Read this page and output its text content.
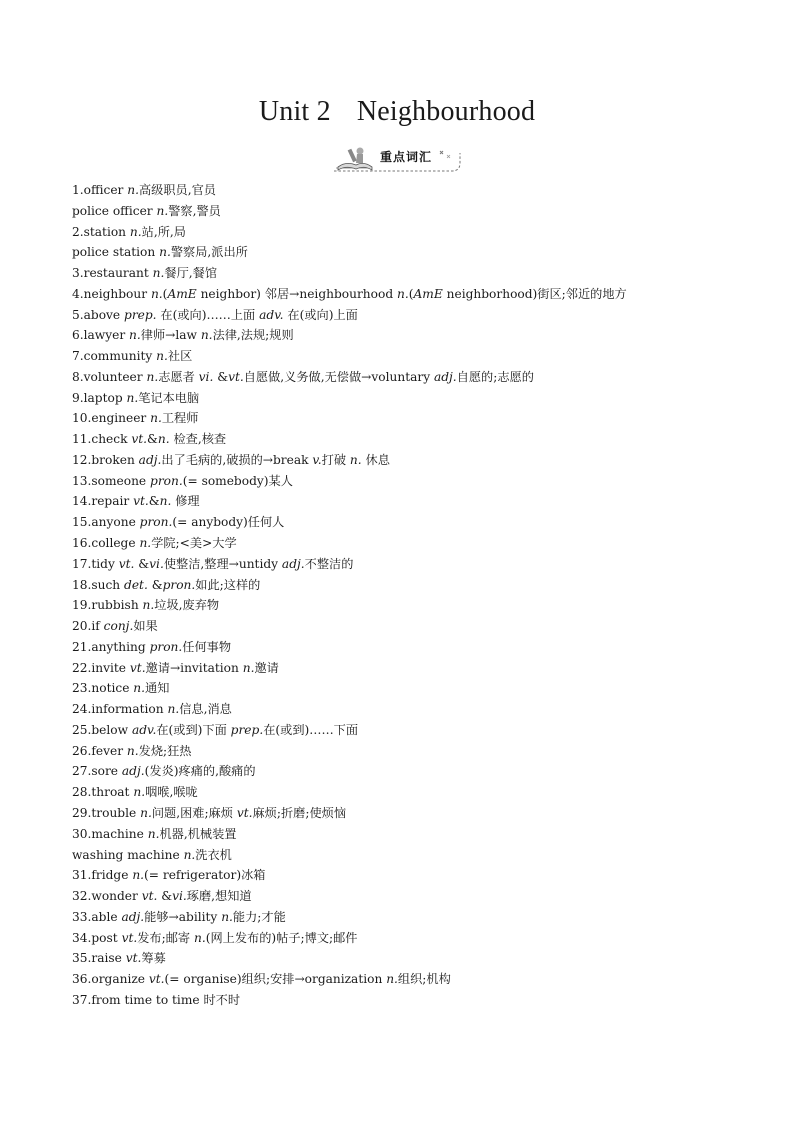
Unit 2 Neighbourhood
重点词汇
1.officer n.高级职员,官员
police officer n.警察,警员
2.station n.站,所,局
police station n.警察局,派出所
3.restaurant n.餐厅,餐馆
4.neighbour n.(AmE neighbor) 邻居→neighbourhood n.(AmE neighborhood)街区;邻近的地方
5.above prep. 在(或向)……上面 adv. 在(或向)上面
6.lawyer n.律师→law n.法律,法规;规则
7.community n.社区
8.volunteer n.志愿者 vi. &vt.自愿做,义务做,无偿做→voluntary adj.自愿的;志愿的
9.laptop n.笔记本电脑
10.engineer n.工程师
11.check vt.&n. 检查,核查
12.broken adj.出了毛病的,破损的→break v.打破 n. 休息
13.someone pron.(= somebody)某人
14.repair vt.&n. 修理
15.anyone pron.(= anybody)任何人
16.college n.学院;<美>大学
17.tidy vt. &vi.使整洁,整理→untidy adj.不整洁的
18.such det. &pron.如此;这样的
19.rubbish n.垃圾,废弃物
20.if conj.如果
21.anything pron.任何事物
22.invite vt.邀请→invitation n.邀请
23.notice n.通知
24.information n.信息,消息
25.below adv.在(或到)下面 prep.在(或到)……下面
26.fever n.发烧;狂热
27.sore adj.(发炎)疼痛的,酸痛的
28.throat n.咽喉,喉咙
29.trouble n.问题,困难;麻烦 vt.麻烦;折磨;使烦恼
30.machine n.机器,机械装置
washing machine n.洗衣机
31.fridge n.(= refrigerator)冰箱
32.wonder vt. &vi.琢磨,想知道
33.able adj.能够→ability n.能力;才能
34.post vt.发布;邮寄 n.(网上发布的)帖子;博文;邮件
35.raise vt.筹募
36.organize vt.(= organise)组织;安排→organization n.组织;机构
37.from time to time 时不时
